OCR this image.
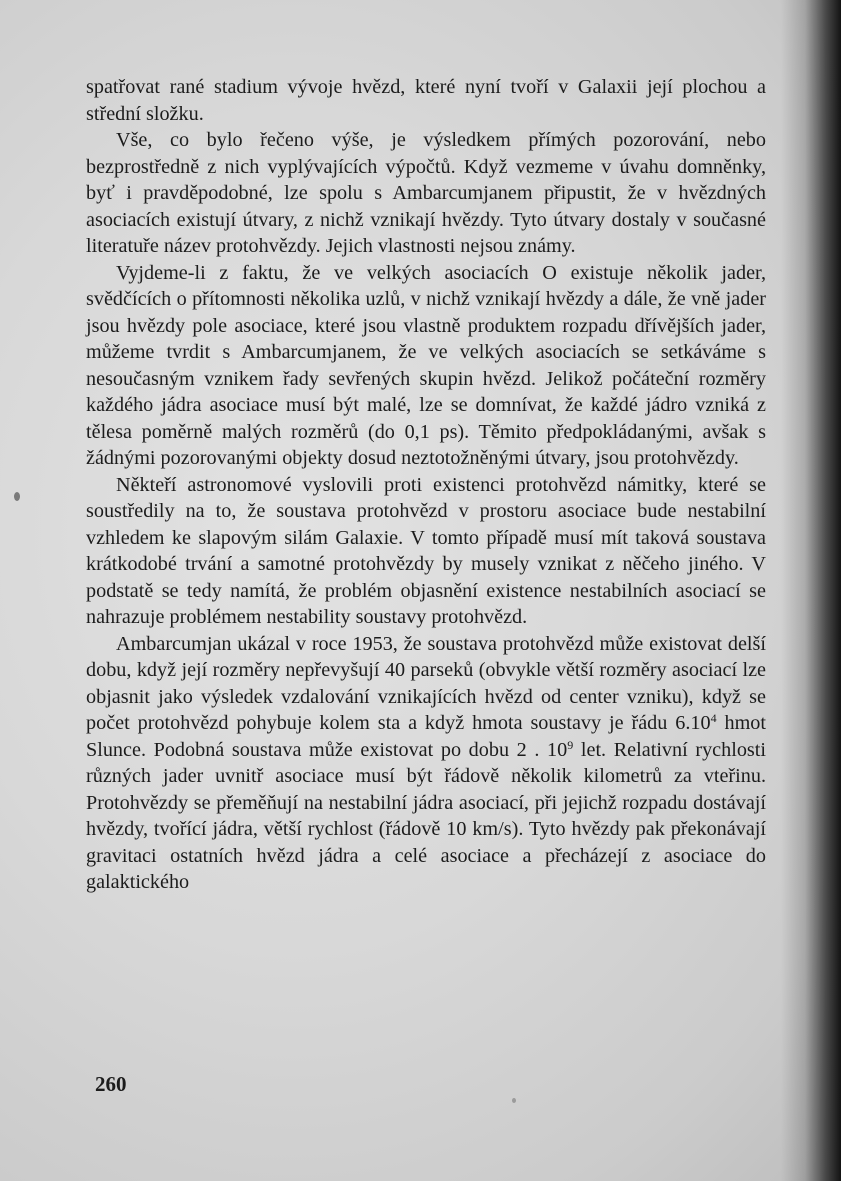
spatřovat rané stadium vývoje hvězd, které nyní tvoří v Galaxii její plochou a střední složku.

Vše, co bylo řečeno výše, je výsledkem přímých pozorování, nebo bezprostředně z nich vyplývajících výpočtů. Když vezmeme v úvahu domněnky, byť i pravděpodobné, lze spolu s Ambarcumjanem připustit, že v hvězdných asociacích existují útvary, z nichž vznikají hvězdy. Tyto útvary dostaly v současné literatuře název protohvězdy. Jejich vlastnosti nejsou známy.

Vyjdeme-li z faktu, že ve velkých asociacích O existuje několik jader, svědčících o přítomnosti několika uzlů, v nichž vznikají hvězdy a dále, že vně jader jsou hvězdy pole asociace, které jsou vlastně produktem rozpadu dřívějších jader, můžeme tvrdit s Ambarcumjanem, že ve velkých asociacích se setkáváme s nesoučasným vznikem řady sevřených skupin hvězd. Jelikož počáteční rozměry každého jádra asociace musí být malé, lze se domnívat, že každé jádro vzniká z tělesa poměrně malých rozměrů (do 0,1 ps). Těmito předpokládanými, avšak s žádnými pozorovanými objekty dosud neztotožněnými útvary, jsou protohvězdy.

Někteří astronomové vyslovili proti existenci protohvězd námitky, které se soustředily na to, že soustava protohvězd v prostoru asociace bude nestabilní vzhledem ke slapovým silám Galaxie. V tomto případě musí mít taková soustava krátkodobé trvání a samotné protohvězdy by musely vznikat z něčeho jiného. V podstatě se tedy namítá, že problém objasnění existence nestabilních asociací se nahrazuje problémem nestability soustavy protohvězd.

Ambarcumjan ukázal v roce 1953, že soustava protohvězd může existovat delší dobu, když její rozměry nepřevyšují 40 parseků (obvykle větší rozměry asociací lze objasnit jako výsledek vzdalování vznikajících hvězd od center vzniku), když se počet protohvězd pohybuje kolem sta a když hmota soustavy je řádu 6.10$^4$ hmot Slunce. Podobná soustava může existovat po dobu 2 . $10^9$ let. Relativní rychlosti různých jader uvnitř asociace musí být řádově několik kilometrů za vteřinu. Protohvězdy se přeměňují na nestabilní jádra asociací, při jejichž rozpadu dostávají hvězdy, tvořící jádra, větší rychlost (řádově 10 km/s). Tyto hvězdy pak překonávají gravitaci ostatních hvězd jádra a celé asociace a přecházejí z asociace do galaktického

260
